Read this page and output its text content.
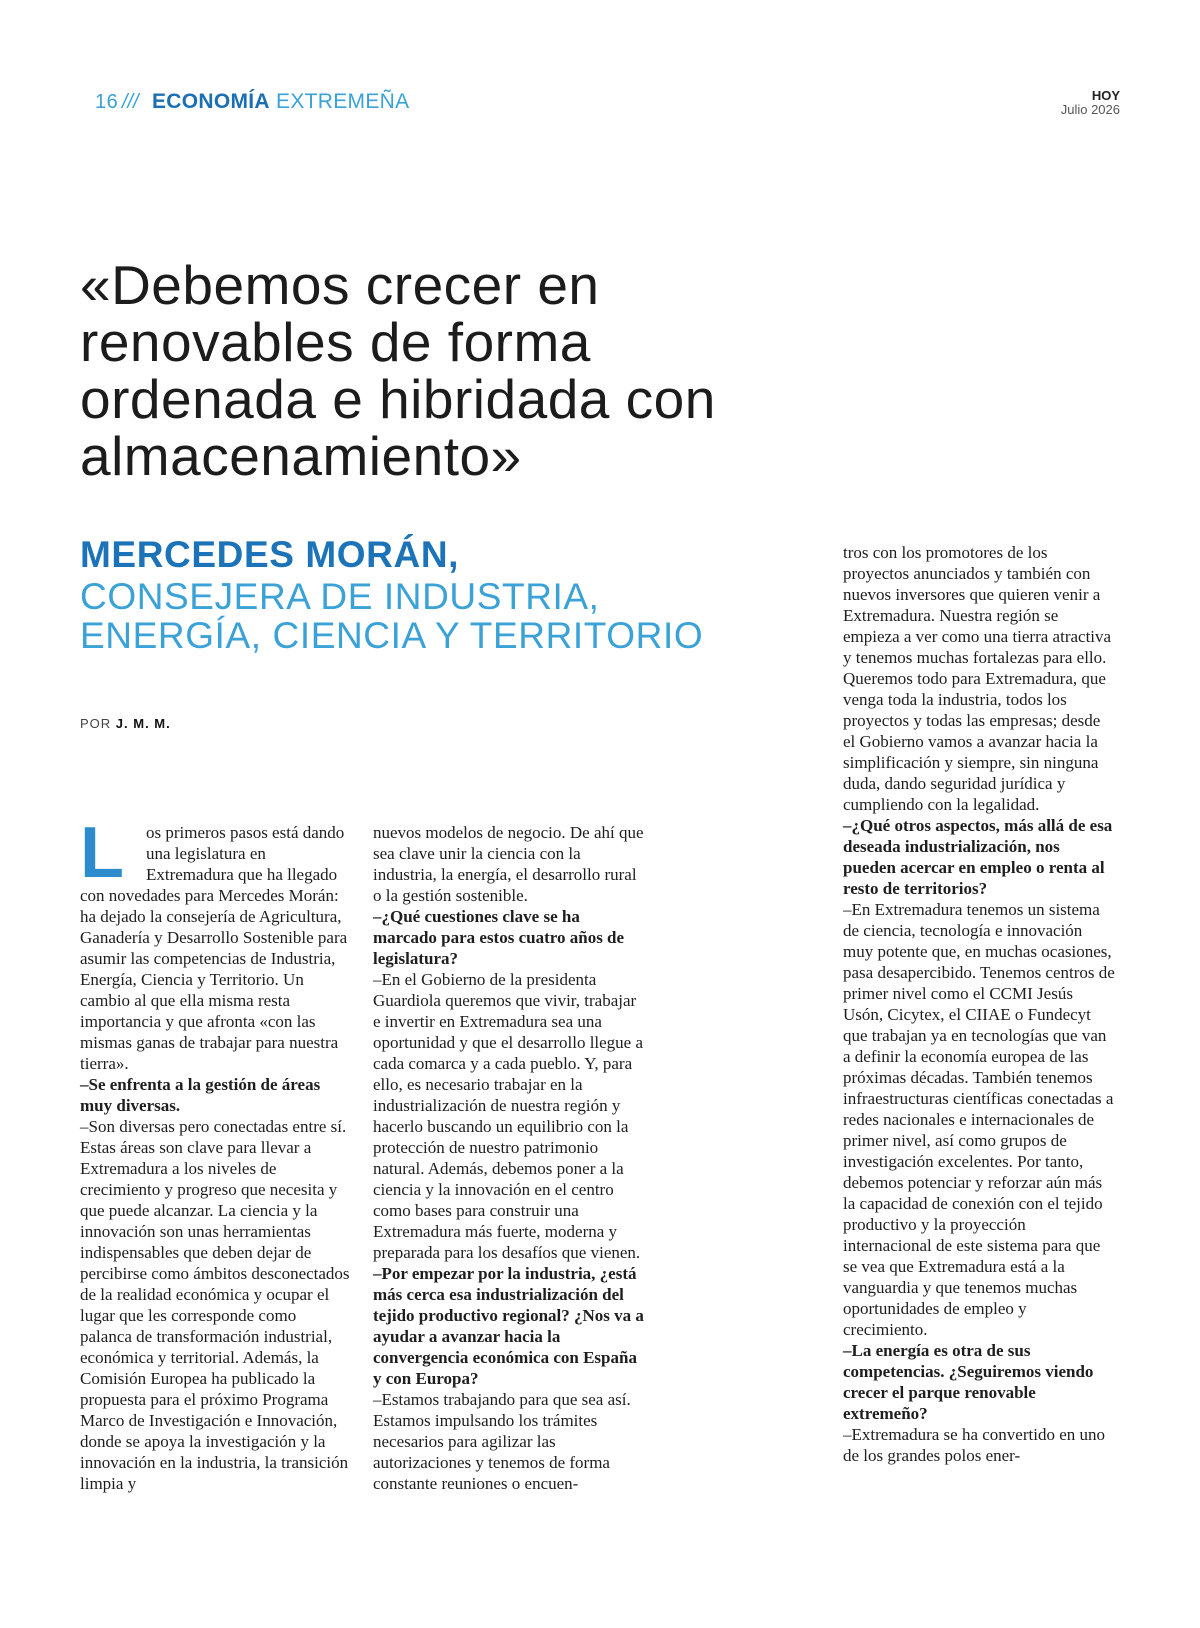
16 /// ECONOMÍA EXTREMEÑA	HOY
Julio 2026
«Debemos crecer en renovables de forma ordenada e hibridada con almacenamiento»
MERCEDES MORÁN,
CONSEJERA DE INDUSTRIA, ENERGÍA, CIENCIA Y TERRITORIO
POR J. M. M.

L os primeros pasos está dando una legislatura en Extremadura que ha llegado con novedades para Mercedes Morán: ha dejado la consejería de Agricultura, Ganadería y Desarrollo Sostenible para asumir las competencias de Industria, Energía, Ciencia y Territorio. Un cambio al que ella misma resta importancia y que afronta «con las mismas ganas de trabajar para nuestra tierra».

–Se enfrenta a la gestión de áreas muy diversas.

–Son diversas pero conectadas entre sí. Estas áreas son clave para llevar a Extremadura a los niveles de crecimiento y progreso que necesita y que puede alcanzar. La ciencia y la innovación son unas herramientas indispensables que deben dejar de percibirse como ámbitos desconectados de la realidad económica y ocupar el lugar que les corresponde como palanca de transformación industrial, económica y territorial. Además, la Comisión Europea ha publicado la propuesta para el próximo Programa Marco de Investigación e Innovación, donde se apoya la investigación y la innovación en la industria, la transición limpia y

nuevos modelos de negocio. De ahí que sea clave unir la ciencia con la industria, la energía, el desarrollo rural o la gestión sostenible.

–¿Qué cuestiones clave se ha marcado para estos cuatro años de legislatura?

–En el Gobierno de la presidenta Guardiola queremos que vivir, trabajar e invertir en Extremadura sea una oportunidad y que el desarrollo llegue a cada comarca y a cada pueblo. Y, para ello, es necesario trabajar en la industrialización de nuestra región y hacerlo buscando un equilibrio con la protección de nuestro patrimonio natural. Además, debemos poner a la ciencia y la innovación en el centro como bases para construir una Extremadura más fuerte, moderna y preparada para los desafíos que vienen.

–Por empezar por la industria, ¿está más cerca esa industrialización del tejido productivo regional? ¿Nos va a ayudar a avanzar hacia la convergencia económica con España y con Europa?

–Estamos trabajando para que sea así. Estamos impulsando los trámites necesarios para agilizar las autorizaciones y tenemos de forma constante reuniones o encuen-

tros con los promotores de los proyectos anunciados y también con nuevos inversores que quieren venir a Extremadura. Nuestra región se empieza a ver como una tierra atractiva y tenemos muchas fortalezas para ello. Queremos todo para Extremadura, que venga toda la industria, todos los proyectos y todas las empresas; desde el Gobierno vamos a avanzar hacia la simplificación y siempre, sin ninguna duda, dando seguridad jurídica y cumpliendo con la legalidad.

–¿Qué otros aspectos, más allá de esa deseada industrialización, nos pueden acercar en empleo o renta al resto de territorios?

–En Extremadura tenemos un sistema de ciencia, tecnología e innovación muy potente que, en muchas ocasiones, pasa desapercibido. Tenemos centros de primer nivel como el CCMI Jesús Usón, Cicytex, el CIIAE o Fundecyt que trabajan ya en tecnologías que van a definir la economía europea de las próximas décadas. También tenemos infraestructuras científicas conectadas a redes nacionales e internacionales de primer nivel, así como grupos de investigación excelentes. Por tanto, debemos potenciar y reforzar aún más la capacidad de conexión con el tejido productivo y la proyección internacional de este sistema para que se vea que Extremadura está a la vanguardia y que tenemos muchas oportunidades de empleo y crecimiento.

–La energía es otra de sus competencias. ¿Seguiremos viendo crecer el parque renovable extremeño?

–Extremadura se ha convertido en uno de los grandes polos ener-
